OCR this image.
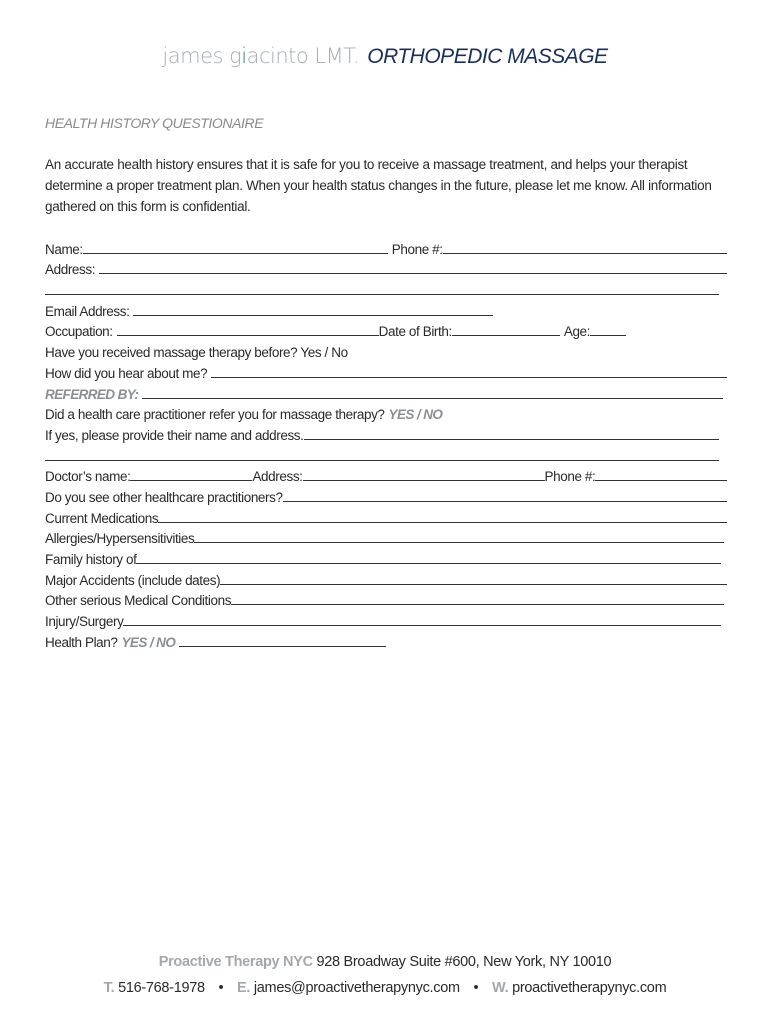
james giacinto LMT. ORTHOPEDIC MASSAGE
HEALTH HISTORY QUESTIONAIRE
An accurate health history ensures that it is safe for you to receive a massage treatment, and helps your therapist determine a proper treatment plan. When your health status changes in the future, please let me know. All information gathered on this form is confidential.
Name:	Phone #:
Address:
Email Address:
Occupation:	Date of Birth:	Age:
Have you received massage therapy before? Yes / No
How did you hear about me?
REFERRED BY:
Did a health care practitioner refer you for massage therapy? YES / NO
If yes, please provide their name and address.
Doctor’s name:	Address:	Phone #:
Do you see other healthcare practitioners?
Current Medications
Allergies/Hypersensitivities
Family history of
Major Accidents (include dates)
Other serious Medical Conditions
Injury/Surgery
Health Plan? YES / NO
Proactive Therapy NYC 928 Broadway Suite #600, New York, NY 10010
T. 516-768-1978 • E. james@proactivetherapynyc.com • W. proactivetherapynyc.com
